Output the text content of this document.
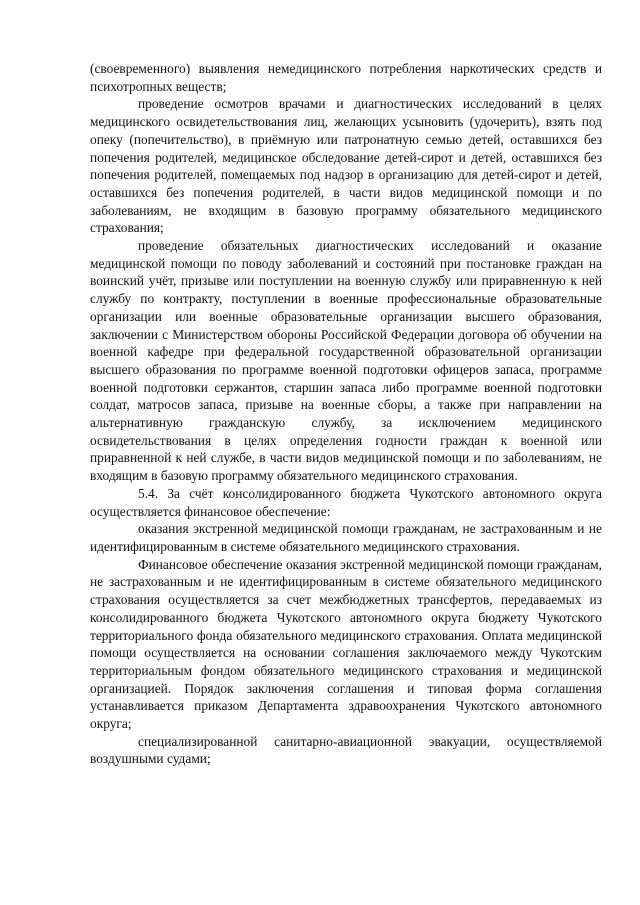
(своевременного) выявления немедицинского потребления наркотических средств и психотропных веществ;

проведение осмотров врачами и диагностических исследований в целях медицинского освидетельствования лиц, желающих усыновить (удочерить), взять под опеку (попечительство), в приёмную или патронатную семью детей, оставшихся без попечения родителей, медицинское обследование детей-сирот и детей, оставшихся без попечения родителей, помещаемых под надзор в организацию для детей-сирот и детей, оставшихся без попечения родителей, в части видов медицинской помощи и по заболеваниям, не входящим в базовую программу обязательного медицинского страхования;

проведение обязательных диагностических исследований и оказание медицинской помощи по поводу заболеваний и состояний при постановке граждан на воинский учёт, призыве или поступлении на военную службу или приравненную к ней службу по контракту, поступлении в военные профессиональные образовательные организации или военные образовательные организации высшего образования, заключении с Министерством обороны Российской Федерации договора об обучении на военной кафедре при федеральной государственной образовательной организации высшего образования по программе военной подготовки офицеров запаса, программе военной подготовки сержантов, старшин запаса либо программе военной подготовки солдат, матросов запаса, призыве на военные сборы, а также при направлении на альтернативную гражданскую службу, за исключением медицинского освидетельствования в целях определения годности граждан к военной или приравненной к ней службе, в части видов медицинской помощи и по заболеваниям, не входящим в базовую программу обязательного медицинского страхования.

5.4. За счёт консолидированного бюджета Чукотского автономного округа осуществляется финансовое обеспечение:

оказания экстренной медицинской помощи гражданам, не застрахованным и не идентифицированным в системе обязательного медицинского страхования.

Финансовое обеспечение оказания экстренной медицинской помощи гражданам, не застрахованным и не идентифицированным в системе обязательного медицинского страхования осуществляется за счет межбюджетных трансфертов, передаваемых из консолидированного бюджета Чукотского автономного округа бюджету Чукотского территориального фонда обязательного медицинского страхования. Оплата медицинской помощи осуществляется на основании соглашения заключаемого между Чукотским территориальным фондом обязательного медицинского страхования и медицинской организацией. Порядок заключения соглашения и типовая форма соглашения устанавливается приказом Департамента здравоохранения Чукотского автономного округа;

специализированной санитарно-авиационной эвакуации, осуществляемой воздушными судами;
